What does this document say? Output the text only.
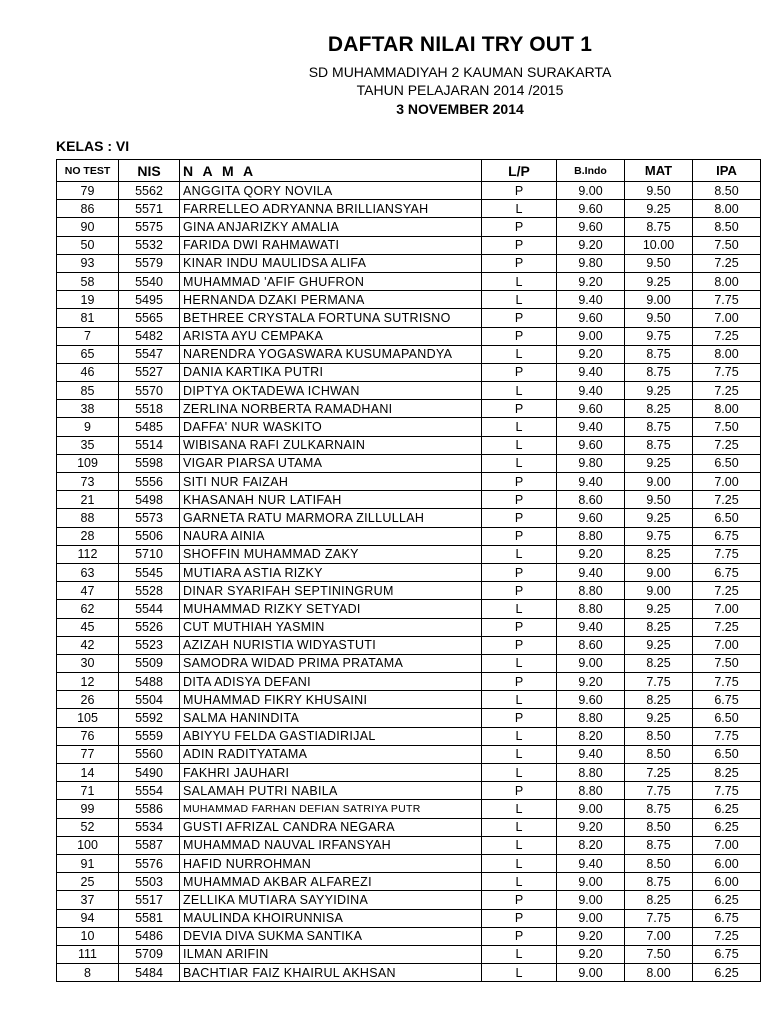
DAFTAR NILAI TRY OUT 1
SD MUHAMMADIYAH 2 KAUMAN SURAKARTA
TAHUN PELAJARAN 2014 /2015
3 NOVEMBER 2014
KELAS : VI
NO TEST	NIS	N A M A	L/P	B.Indo	MAT	IPA
79	5562	ANGGITA QORY NOVILA	P	9.00	9.50	8.50
86	5571	FARRELLEO ADRYANNA BRILLIANSYAH	L	9.60	9.25	8.00
90	5575	GINA ANJARIZKY AMALIA	P	9.60	8.75	8.50
50	5532	FARIDA DWI RAHMAWATI	P	9.20	10.00	7.50
93	5579	KINAR INDU MAULIDSA ALIFA	P	9.80	9.50	7.25
58	5540	MUHAMMAD 'AFIF GHUFRON	L	9.20	9.25	8.00
19	5495	HERNANDA DZAKI PERMANA	L	9.40	9.00	7.75
81	5565	BETHREE CRYSTALA FORTUNA SUTRISNO	P	9.60	9.50	7.00
7	5482	ARISTA AYU CEMPAKA	P	9.00	9.75	7.25
65	5547	NARENDRA YOGASWARA KUSUMAPANDYA	L	9.20	8.75	8.00
46	5527	DANIA KARTIKA PUTRI	P	9.40	8.75	7.75
85	5570	DIPTYA OKTADEWA ICHWAN	L	9.40	9.25	7.25
38	5518	ZERLINA NORBERTA RAMADHANI	P	9.60	8.25	8.00
9	5485	DAFFA' NUR WASKITO	L	9.40	8.75	7.50
35	5514	WIBISANA RAFI ZULKARNAIN	L	9.60	8.75	7.25
109	5598	VIGAR PIARSA UTAMA	L	9.80	9.25	6.50
73	5556	SITI NUR FAIZAH	P	9.40	9.00	7.00
21	5498	KHASANAH NUR LATIFAH	P	8.60	9.50	7.25
88	5573	GARNETA RATU MARMORA ZILLULLAH	P	9.60	9.25	6.50
28	5506	NAURA AINIA	P	8.80	9.75	6.75
112	5710	SHOFFIN MUHAMMAD ZAKY	L	9.20	8.25	7.75
63	5545	MUTIARA ASTIA RIZKY	P	9.40	9.00	6.75
47	5528	DINAR SYARIFAH SEPTININGRUM	P	8.80	9.00	7.25
62	5544	MUHAMMAD RIZKY SETYADI	L	8.80	9.25	7.00
45	5526	CUT MUTHIAH YASMIN	P	9.40	8.25	7.25
42	5523	AZIZAH NURISTIA WIDYASTUTI	P	8.60	9.25	7.00
30	5509	SAMODRA WIDAD PRIMA PRATAMA	L	9.00	8.25	7.50
12	5488	DITA ADISYA DEFANI	P	9.20	7.75	7.75
26	5504	MUHAMMAD FIKRY KHUSAINI	L	9.60	8.25	6.75
105	5592	SALMA HANINDITA	P	8.80	9.25	6.50
76	5559	ABIYYU FELDA GASTIADIRIJAL	L	8.20	8.50	7.75
77	5560	ADIN RADITYATAMA	L	9.40	8.50	6.50
14	5490	FAKHRI JAUHARI	L	8.80	7.25	8.25
71	5554	SALAMAH PUTRI NABILA	P	8.80	7.75	7.75
99	5586	MUHAMMAD FARHAN DEFIAN SATRIYA PUTR	L	9.00	8.75	6.25
52	5534	GUSTI AFRIZAL CANDRA NEGARA	L	9.20	8.50	6.25
100	5587	MUHAMMAD NAUVAL IRFANSYAH	L	8.20	8.75	7.00
91	5576	HAFID NURROHMAN	L	9.40	8.50	6.00
25	5503	MUHAMMAD AKBAR ALFAREZI	L	9.00	8.75	6.00
37	5517	ZELLIKA MUTIARA SAYYIDINA	P	9.00	8.25	6.25
94	5581	MAULINDA KHOIRUNNISA	P	9.00	7.75	6.75
10	5486	DEVIA DIVA SUKMA SANTIKA	P	9.20	7.00	7.25
111	5709	ILMAN ARIFIN	L	9.20	7.50	6.75
8	5484	BACHTIAR FAIZ KHAIRUL AKHSAN	L	9.00	8.00	6.25
